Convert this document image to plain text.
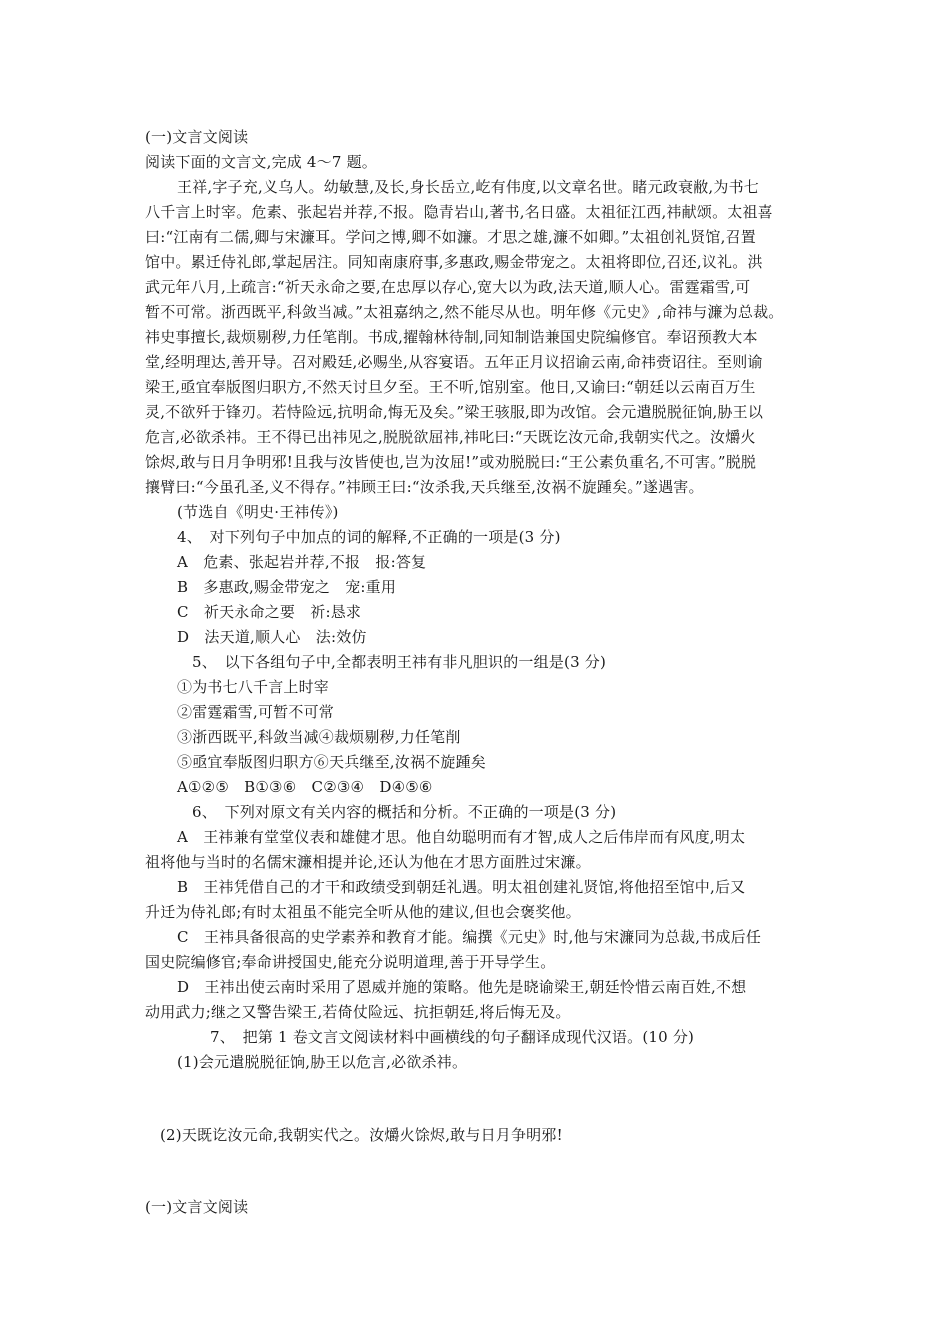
(一)文言文阅读
阅读下面的文言文,完成 4～7 题。
王祥,字子充,义乌人。幼敏慧,及长,身长岳立,屹有伟度,以文章名世。睹元政衰敝,为书七
八千言上时宰。危素、张起岩并荐,不报。隐青岩山,著书,名日盛。太祖征江西,祎献颂。太祖喜
曰:“江南有二儒,卿与宋濂耳。学问之博,卿不如濂。才思之雄,濂不如卿。”太祖创礼贤馆,召置
馆中。累迁侍礼郎,掌起居注。同知南康府事,多惠政,赐金带宠之。太祖将即位,召还,议礼。洪
武元年八月,上疏言:“祈天永命之要,在忠厚以存心,宽大以为政,法天道,顺人心。雷霆霜雪,可
暂不可常。浙西既平,科敛当减。”太祖嘉纳之,然不能尽从也。明年修《元史》,命祎与濂为总裁。
祎史事擅长,裁烦剔秽,力任笔削。书成,擢翰林待制,同知制诰兼国史院编修官。奉诏预教大本
堂,经明理达,善开导。召对殿廷,必赐坐,从容宴语。五年正月议招谕云南,命祎赍诏往。至则谕
梁王,亟宜奉版图归职方,不然天讨旦夕至。王不听,馆别室。他日,又谕曰:“朝廷以云南百万生
灵,不欲歼于锋刃。若恃险远,抗明命,悔无及矣。”梁王骇服,即为改馆。会元遣脱脱征饷,胁王以
危言,必欲杀祎。王不得已出祎见之,脱脱欲屈祎,祎叱曰:“天既讫汝元命,我朝实代之。汝爝火
馀烬,敢与日月争明邪!且我与汝皆使也,岂为汝屈!”或劝脱脱曰:“王公素负重名,不可害。”脱脱
攘臂曰:“今虽孔圣,义不得存。”祎顾王曰:“汝杀我,天兵继至,汝祸不旋踵矣。”遂遇害。
(节选自《明史·王祎传》)
4、　对下列句子中加点的词的解释,不正确的一项是(3 分)
A　危素、张起岩并荐,不报　报:答复
B　多惠政,赐金带宠之　宠:重用
C　祈天永命之要　祈:恳求
D　法天道,顺人心　法:效仿
5、　以下各组句子中,全都表明王祎有非凡胆识的一组是(3 分)
①为书七八千言上时宰
②雷霆霜雪,可暂不可常
③浙西既平,科敛当减④裁烦剔秽,力任笔削
⑤亟宜奉版图归职方⑥天兵继至,汝祸不旋踵矣
A①②⑤　B①③⑥　C②③④　D④⑤⑥
6、　下列对原文有关内容的概括和分析。不正确的一项是(3 分)
A　王祎兼有堂堂仪表和雄健才思。他自幼聪明而有才智,成人之后伟岸而有风度,明太
祖将他与当时的名儒宋濂相提并论,还认为他在才思方面胜过宋濂。
B　王祎凭借自己的才干和政绩受到朝廷礼遇。明太祖创建礼贤馆,将他招至馆中,后又
升迁为侍礼郎;有时太祖虽不能完全听从他的建议,但也会褒奖他。
C　王祎具备很高的史学素养和教育才能。编撰《元史》时,他与宋濂同为总裁,书成后任
国史院编修官;奉命讲授国史,能充分说明道理,善于开导学生。
D　王祎出使云南时采用了恩威并施的策略。他先是晓谕梁王,朝廷怜惜云南百姓,不想
动用武力;继之又警告梁王,若倚仗险远、抗拒朝廷,将后悔无及。
7、　把第 1 卷文言文阅读材料中画横线的句子翻译成现代汉语。(10 分)
(1)会元遣脱脱征饷,胁王以危言,必欲杀祎。
(2)天既讫汝元命,我朝实代之。汝爝火馀烬,敢与日月争明邪!
(一)文言文阅读
